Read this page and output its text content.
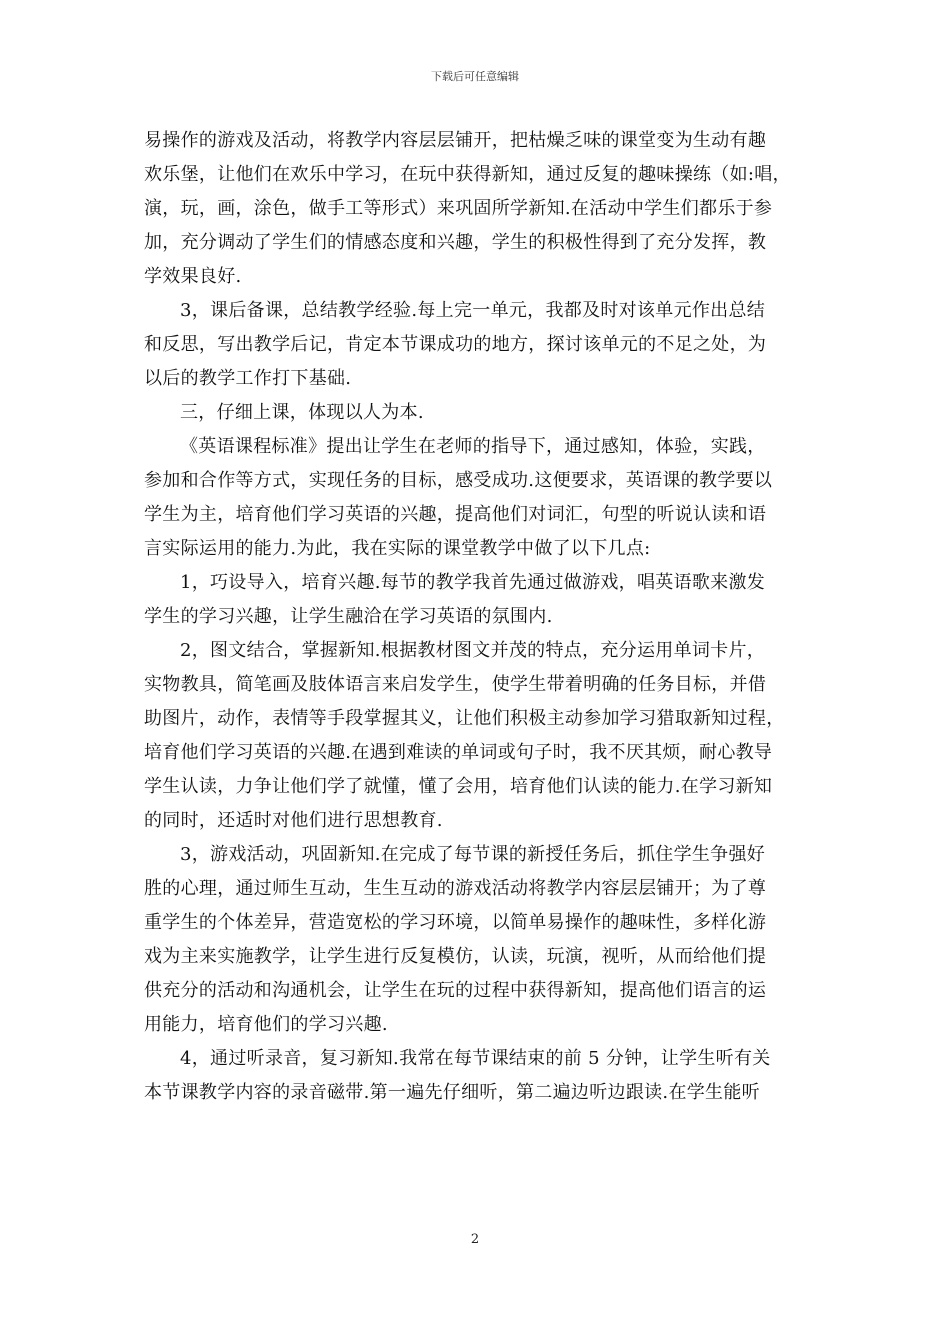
下载后可任意编辑
易操作的游戏及活动，将教学内容层层铺开，把枯燥乏味的课堂变为生动有趣
欢乐堡，让他们在欢乐中学习，在玩中获得新知，通过反复的趣味操练（如:唱，
演，玩，画，涂色，做手工等形式）来巩固所学新知.在活动中学生们都乐于参
加，充分调动了学生们的情感态度和兴趣，学生的积极性得到了充分发挥，教
学效果良好.
3，课后备课，总结教学经验.每上完一单元，我都及时对该单元作出总结
和反思，写出教学后记，肯定本节课成功的地方，探讨该单元的不足之处，为
以后的教学工作打下基础.
三，仔细上课，体现以人为本.
《英语课程标准》提出让学生在老师的指导下，通过感知，体验，实践，
参加和合作等方式，实现任务的目标，感受成功.这便要求，英语课的教学要以
学生为主，培育他们学习英语的兴趣，提高他们对词汇，句型的听说认读和语
言实际运用的能力.为此，我在实际的课堂教学中做了以下几点:
1，巧设导入，培育兴趣.每节的教学我首先通过做游戏，唱英语歌来激发
学生的学习兴趣，让学生融洽在学习英语的氛围内.
2，图文结合，掌握新知.根据教材图文并茂的特点，充分运用单词卡片，
实物教具，简笔画及肢体语言来启发学生，使学生带着明确的任务目标，并借
助图片，动作，表情等手段掌握其义，让他们积极主动参加学习猎取新知过程，
培育他们学习英语的兴趣.在遇到难读的单词或句子时，我不厌其烦，耐心教导
学生认读，力争让他们学了就懂，懂了会用，培育他们认读的能力.在学习新知
的同时，还适时对他们进行思想教育.
3，游戏活动，巩固新知.在完成了每节课的新授任务后，抓住学生争强好
胜的心理，通过师生互动，生生互动的游戏活动将教学内容层层铺开；为了尊
重学生的个体差异，营造宽松的学习环境，以简单易操作的趣味性，多样化游
戏为主来实施教学，让学生进行反复模仿，认读，玩演，视听，从而给他们提
供充分的活动和沟通机会，让学生在玩的过程中获得新知，提高他们语言的运
用能力，培育他们的学习兴趣.
4，通过听录音，复习新知.我常在每节课结束的前 5 分钟，让学生听有关
本节课教学内容的录音磁带.第一遍先仔细听，第二遍边听边跟读.在学生能听
2
